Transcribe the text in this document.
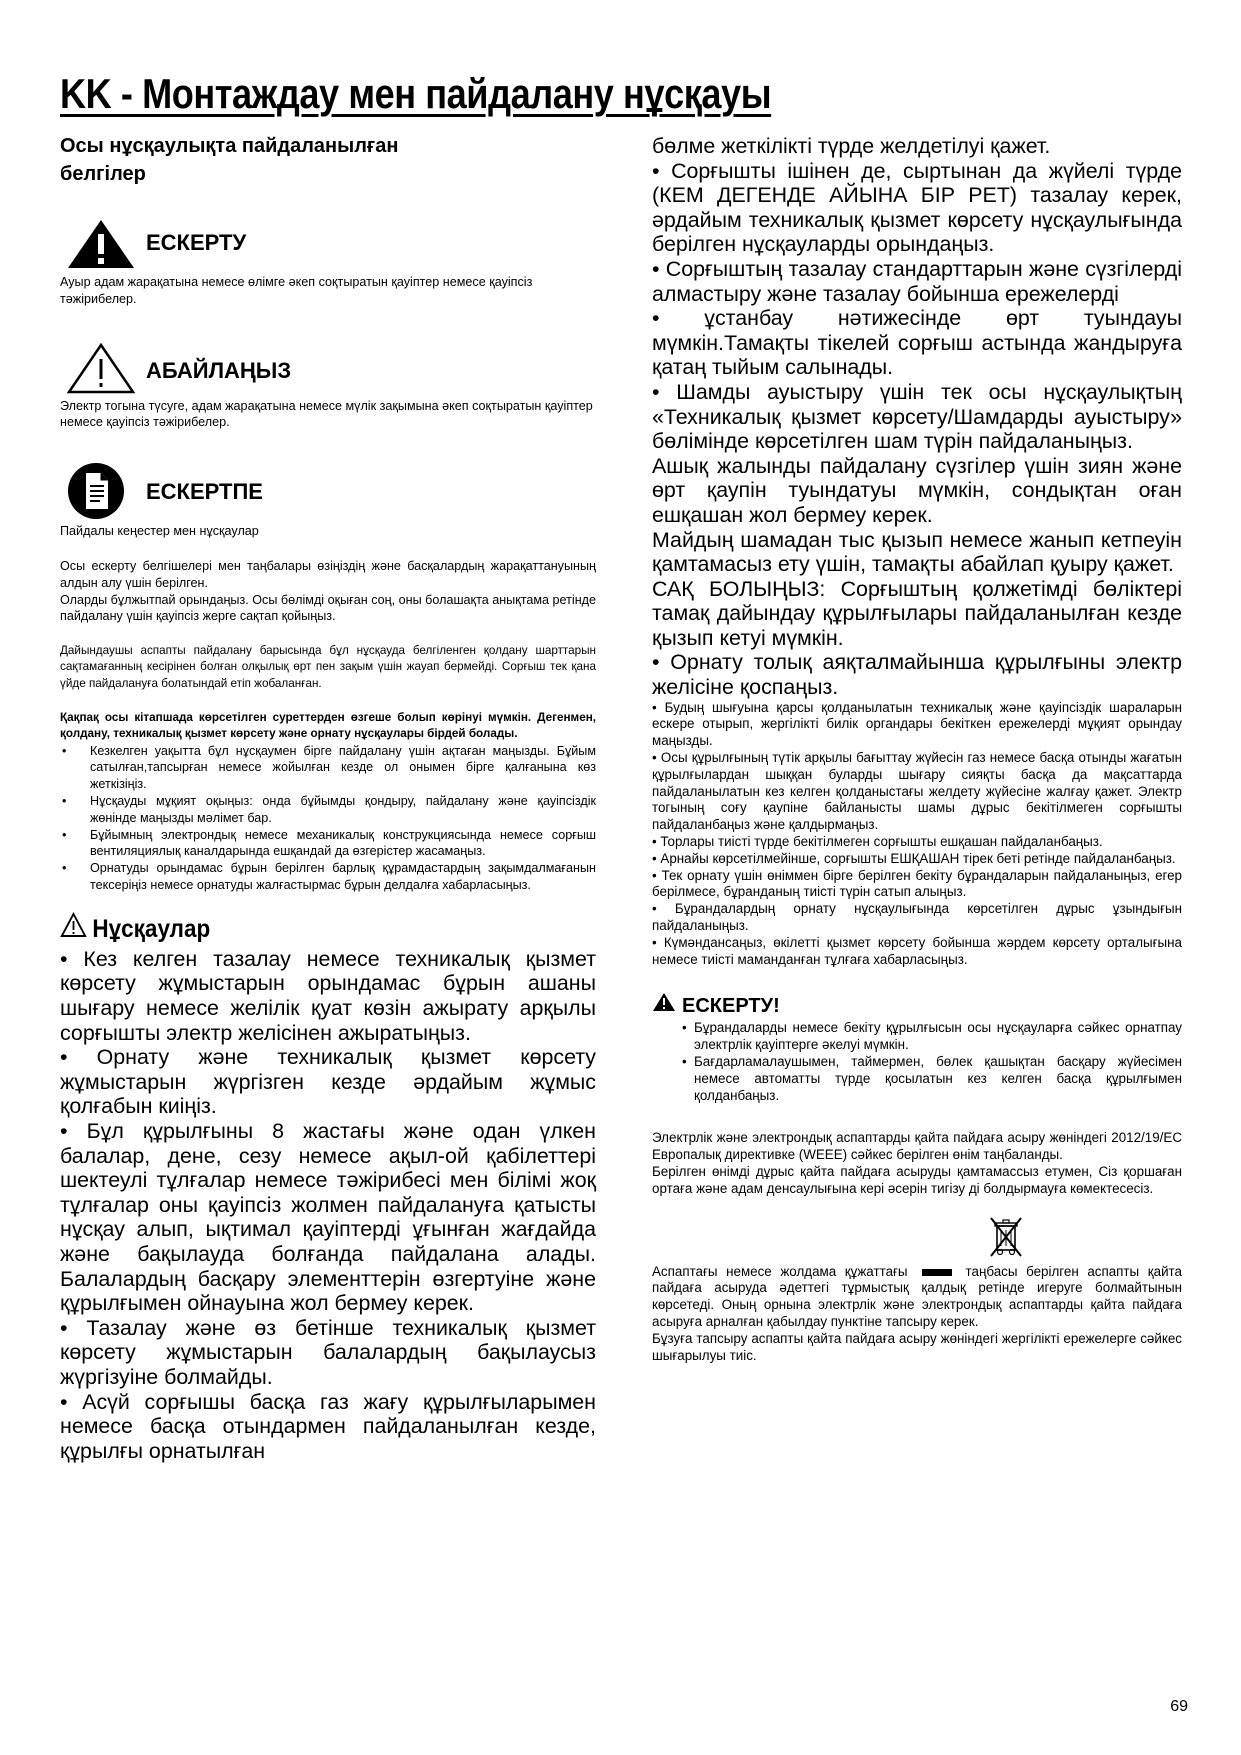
KK - Монтаждау мен пайдалану нұсқауы

Осы нұсқаулықта пайдаланылған белгілер

ЕСКЕРТУ

Ауыр адам жарақатына немесе өлімге әкеп соқтыратын қауіптер немесе қауіпсіз тәжірибелер.

АБАЙЛАҢЫЗ

Электр тогына түсуге, адам жарақатына немесе мүлік зақымына әкеп соқтыратын қауіптер немесе қауіпсіз тәжірибелер.

ЕСКЕРТПЕ

Пайдалы кеңестер мен нұсқаулар

Осы ескерту белгішелері мен таңбалары өзіңіздің және басқалардың жарақаттануының алдын алу үшін берілген.

Оларды бұлжытпай орындаңыз. Осы бөлімді оқыған соң, оны болашақта анықтама ретінде пайдалану үшін қауіпсіз жерге сақтап қойыңыз.

Дайындаушы аспапты пайдалану барысында бұл нұсқауда белгіленген қолдану шарттарын сақтамағанның кесірінен болған олқылық өрт пен зақым үшін жауап бермейді. Сорғыш тек қана үйде пайдалануға болатындай етіп жобаланған.

Қақпақ осы кітапшада көрсетілген суреттерден өзгеше болып көрінуі мүмкін. Дегенмен, қолдану, техникалық қызмет көрсету және орнату нұсқаулары бірдей болады.

• Кезкелген уақытта бұл нұсқаумен бірге пайдалану үшін ақтаған маңызды. Бұйым сатылған,тапсырған немесе жойылған кезде ол онымен бірге қалғанына көз жеткізіңіз.
• Нұсқауды мұқият оқыңыз: онда бұйымды қондыру, пайдалану және қауіпсіздік жөнінде маңызды мәлімет бар.
• Бұйымның электрондық немесе механикалық конструкциясында немесе сорғыш вентиляциялық каналдарында ешқандай да өзгерістер жасамаңыз.
• Орнатуды орындамас бұрын берілген барлық құрамдастардың зақымдалмағанын тексеріңіз немесе орнатуды жалғастырмас бұрын делдалға хабарласыңыз.
Нұсқаулар

• Кез келген тазалау немесе техникалық қызмет көрсету жұмыстарын орындамас бұрын ашаны шығару немесе желілік қуат көзін ажырату арқылы сорғышты электр желісінен ажыратыңыз.

• Орнату және техникалық қызмет көрсету жұмыстарын жүргізген кезде әрдайым жұмыс қолғабын киіңіз.

• Бұл құрылғыны 8 жастағы және одан үлкен балалар, дене, сезу немесе ақыл-ой қабілеттері шектеулі тұлғалар немесе тәжірибесі мен білімі жоқ тұлғалар оны қауіпсіз жолмен пайдалануға қатысты нұсқау алып, ықтимал қауіптерді ұғынған жағдайда және бақылауда болғанда пайдалана алады. Балалардың басқару элементтерін өзгертуіне және құрылғымен ойнауына жол бермеу керек.

• Тазалау және өз бетінше техникалық қызмет көрсету жұмыстарын балалардың бақылаусыз жүргізуіне болмайды.

• Асүй сорғышы басқа газ жағу құрылғыларымен немесе басқа отындармен пайдаланылған кезде, құрылғы орнатылған

бөлме жеткілікті түрде желдетілуі қажет.

• Сорғышты ішінен де, сыртынан да жүйелі түрде (КЕМ ДЕГЕНДЕ АЙЫНА БІР РЕТ) тазалау керек, әрдайым техникалық қызмет көрсету нұсқаулығында берілген нұсқауларды орындаңыз.

• Сорғыштың тазалау стандарттарын және сүзгілерді алмастыру және тазалау бойынша ережелерді

• ұстанбау нәтижесінде өрт туындауы мүмкін.Тамақты тікелей сорғыш астында жандыруға қатаң тыйым салынады.

• Шамды ауыстыру үшін тек осы нұсқаулықтың «Техникалық қызмет көрсету/Шамдарды ауыстыру» бөлімінде көрсетілген шам түрін пайдаланыңыз.

Ашық жалынды пайдалану сүзгілер үшін зиян және өрт қаупін туындатуы мүмкін, сондықтан оған ешқашан жол бермеу керек.

Майдың шамадан тыс қызып немесе жанып кетпеуін қамтамасыз ету үшін, тамақты абайлап қуыру қажет.

САҚ БОЛЫҢЫЗ: Сорғыштың қолжетімді бөліктері тамақ дайындау құрылғылары пайдаланылған кезде қызып кетуі мүмкін.

• Орнату толық аяқталмайынша құрылғыны электр желісіне қоспаңыз.

• Будың шығуына қарсы қолданылатын техникалық және қауіпсіздік шараларын ескере отырып, жергілікті билік органдары бекіткен ережелерді мұқият орындау маңызды.

• Осы құрылғының түтік арқылы бағыттау жүйесін газ немесе басқа отынды жағатын құрылғылардан шыққан буларды шығару сияқты басқа да мақсаттарда пайдаланылатын кез келген қолданыстағы желдету жүйесіне жалғау қажет. Электр тогының соғу қаупіне байланысты шамы дұрыс бекітілмеген сорғышты пайдаланбаңыз және қалдырмаңыз.

• Торлары тиісті түрде бекітілмеген сорғышты ешқашан пайдаланбаңыз.

• Арнайы көрсетілмейінше, сорғышты ЕШҚАШАН тірек беті ретінде пайдаланбаңыз.

• Тек орнату үшін өніммен бірге берілген бекіту бұрандаларын пайдаланыңыз, егер берілмесе, бұранданың тиісті түрін сатып алыңыз.

• Бұрандалардың орнату нұсқаулығында көрсетілген дұрыс ұзындығын пайдаланыңыз.

• Күмәндансаңыз, өкілетті қызмет көрсету бойынша жәрдем көрсету орталығына немесе тиісті маманданған тұлғаға хабарласыңыз.

ЕСКЕРТУ!
• Бұрандаларды немесе бекіту құрылғысын осы нұсқауларға сәйкес орнатпау электрлік қауіптерге әкелуі мүмкін.
• Бағдарламалаушымен, таймермен, бөлек қашықтан басқару жүйесімен немесе автоматты түрде қосылатын кез келген басқа құрылғымен қолданбаңыз.

Электрлік және электрондық аспаптарды қайта пайдаға асыру жөніндегі 2012/19/ЕС Европалық директивке (WEEE) сәйкес берілген өнім таңбаланды.

Берілген өнімді дұрыс қайта пайдаға асыруды қамтамассыз етумен, Сіз қоршаған ортаға және адам денсаулығына кері әсерін тигізу ді болдырмауға көмектесесіз.

Аспаптағы немесе жолдама құжаттағы	таңбасы берілген аспапты қайта пайдаға асыруда әдеттегі тұрмыстық қалдық ретінде игеруге болмайтынын көрсетеді. Оның орнына электрлік және электрондық аспаптарды қайта пайдаға асыруға арналған қабылдау пунктіне тапсыру керек.

Бұзуға тапсыру аспапты қайта пайдаға асыру жөніндегі жергілікті ережелерге сәйкес шығарылуы тиіс.

69
